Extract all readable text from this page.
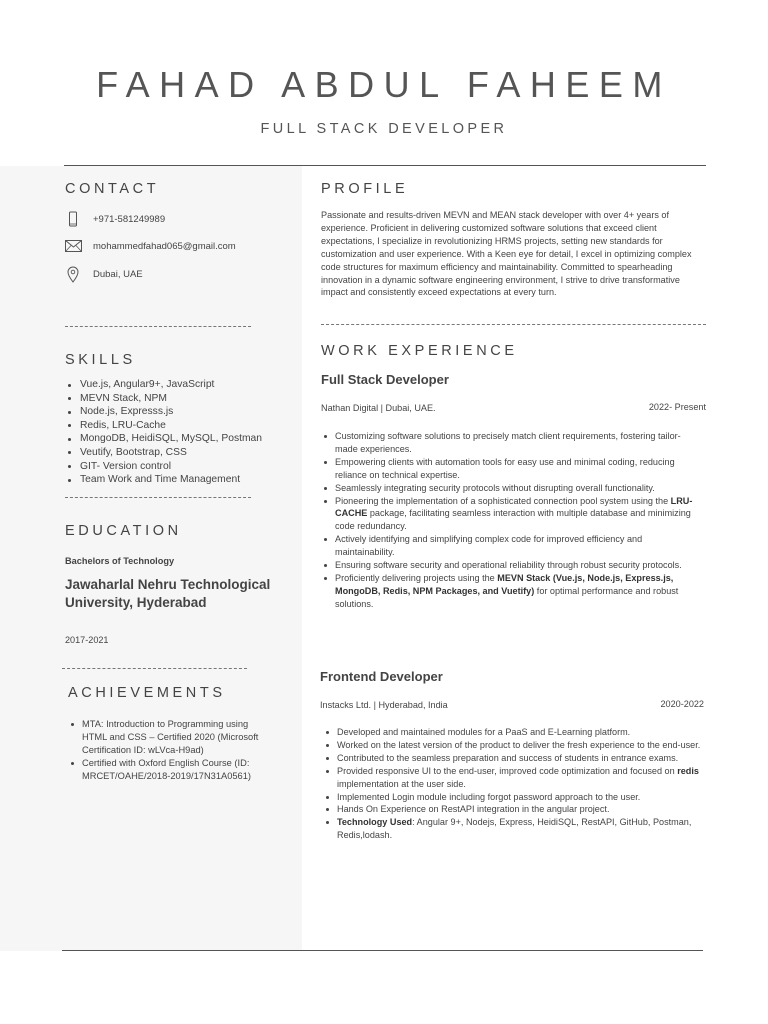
FAHAD ABDUL FAHEEM
FULL STACK DEVELOPER
CONTACT
+971-581249989
mohammedfahad065@gmail.com
Dubai, UAE
SKILLS
Vue.js, Angular9+, JavaScript
MEVN Stack, NPM
Node.js, Expresss.js
Redis, LRU-Cache
MongoDB, HeidiSQL, MySQL, Postman
Veutify, Bootstrap, CSS
GIT- Version control
Team Work and Time Management
EDUCATION
Bachelors of Technology
Jawaharlal Nehru Technological University, Hyderabad
2017-2021
ACHIEVEMENTS
MTA: Introduction to Programming using HTML and CSS – Certified 2020 (Microsoft Certification ID: wLVca-H9ad)
Certified with Oxford English Course (ID: MRCET/OAHE/2018-2019/17N31A0561)
PROFILE
Passionate and results-driven MEVN and MEAN stack developer with over 4+ years of experience. Proficient in delivering customized software solutions that exceed client expectations, I specialize in revolutionizing HRMS projects, setting new standards for customization and user experience. With a Keen eye for detail, I excel in optimizing complex code structures for maximum efficiency and maintainability. Committed to spearheading innovation in a dynamic software engineering environment, I strive to drive transformative impact and consistently exceed expectations at every turn.
WORK EXPERIENCE
Full Stack Developer
Nathan Digital | Dubai, UAE.	2022- Present
Customizing software solutions to precisely match client requirements, fostering tailor-made experiences.
Empowering clients with automation tools for easy use and minimal coding, reducing reliance on technical expertise.
Seamlessly integrating security protocols without disrupting overall functionality.
Pioneering the implementation of a sophisticated connection pool system using the LRU-CACHE package, facilitating seamless interaction with multiple database and minimizing code redundancy.
Actively identifying and simplifying complex code for improved efficiency and maintainability.
Ensuring software security and operational reliability through robust security protocols.
Proficiently delivering projects using the MEVN Stack (Vue.js, Node.js, Express.js, MongoDB, Redis, NPM Packages, and Vuetify) for optimal performance and robust solutions.
Frontend Developer
Instacks Ltd. | Hyderabad, India	2020-2022
Developed and maintained modules for a PaaS and E-Learning platform.
Worked on the latest version of the product to deliver the fresh experience to the end-user.
Contributed to the seamless preparation and success of students in entrance exams.
Provided responsive UI to the end-user, improved code optimization and focused on redis implementation at the user side.
Implemented Login module including forgot password approach to the user.
Hands On Experience on RestAPI integration in the angular project.
Technology Used: Angular 9+, Nodejs, Express, HeidiSQL, RestAPI, GitHub, Postman, Redis,lodash.
